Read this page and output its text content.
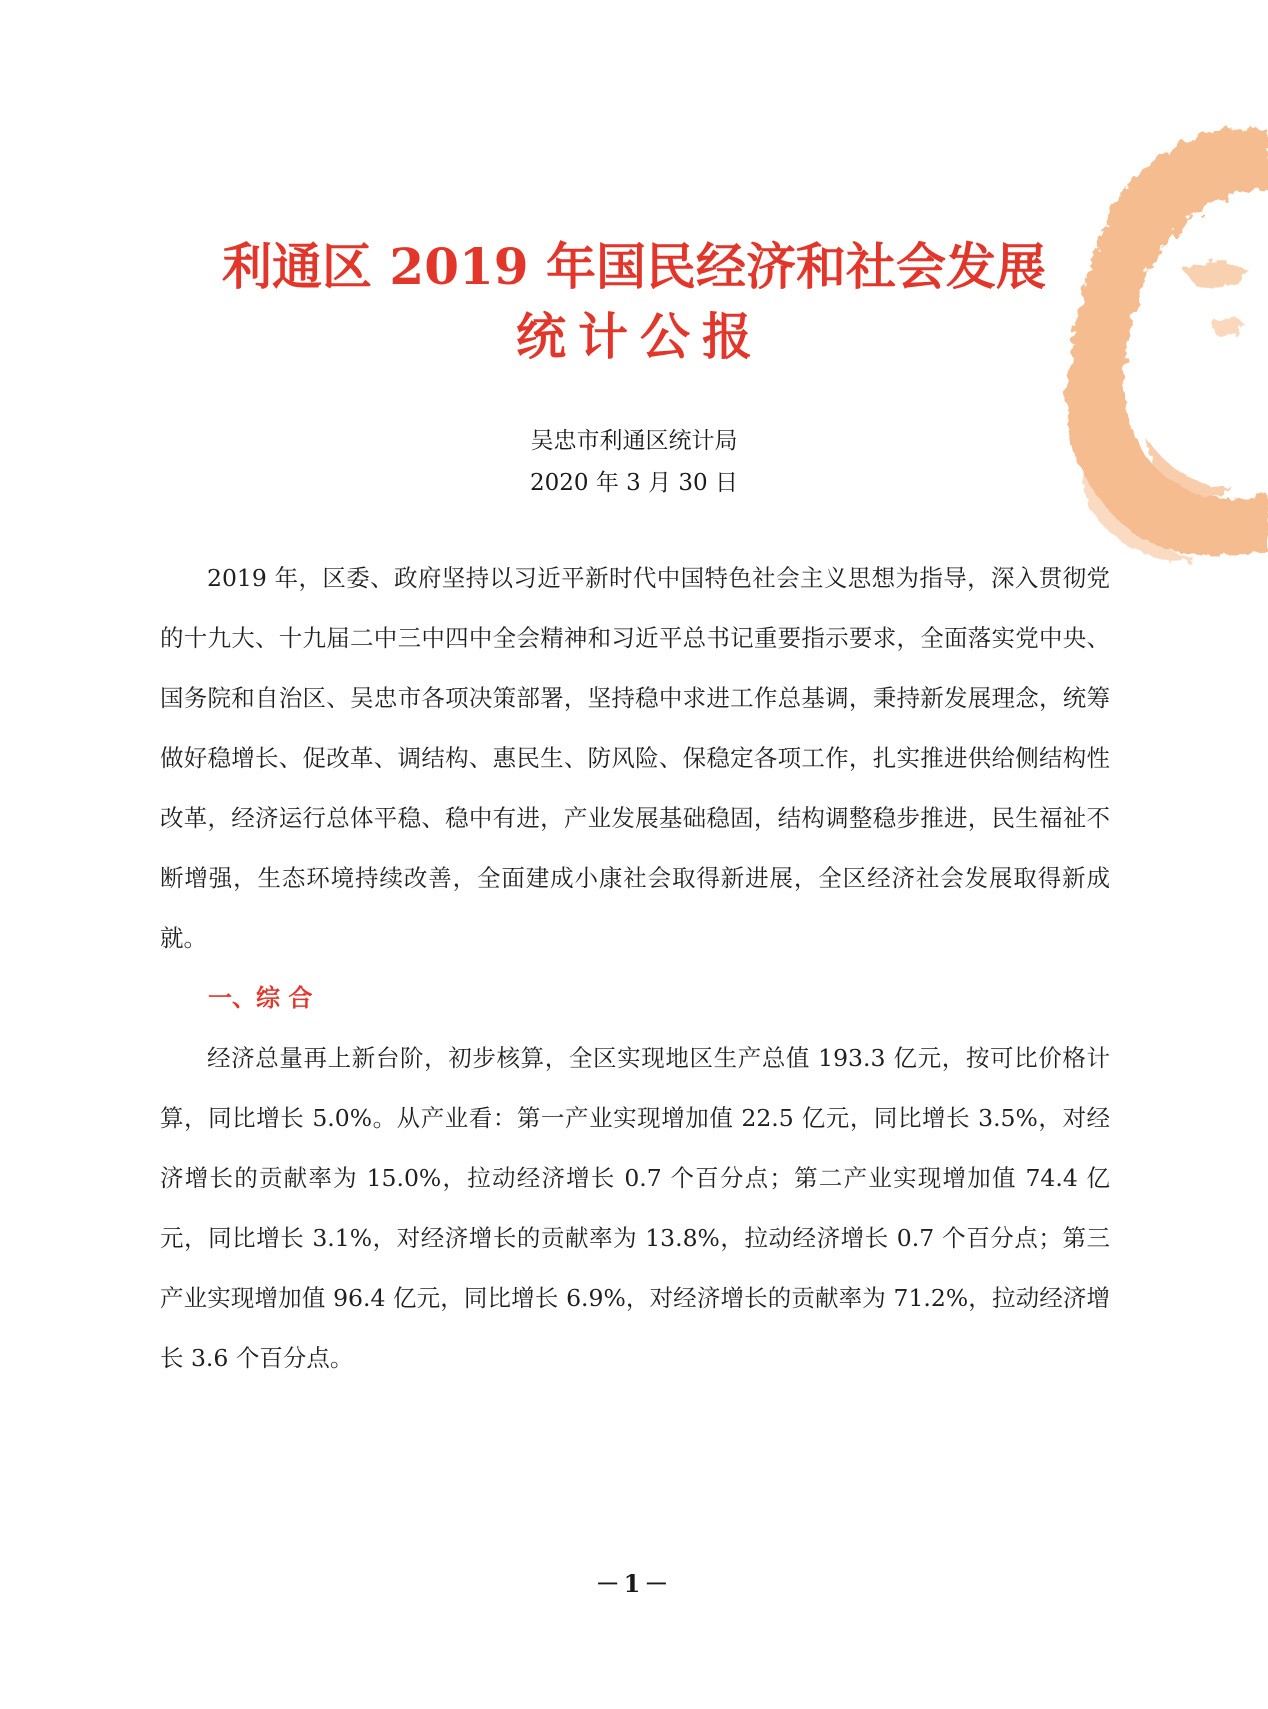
利通区 2019 年国民经济和社会发展
统计公报
吴忠市利通区统计局
2020 年 3 月 30 日

2019 年，区委、政府坚持以习近平新时代中国特色社会主义思想为指导，深入贯彻党的十九大、十九届二中三中四中全会精神和习近平总书记重要指示要求，全面落实党中央、国务院和自治区、吴忠市各项决策部署，坚持稳中求进工作总基调，秉持新发展理念，统筹做好稳增长、促改革、调结构、惠民生、防风险、保稳定各项工作，扎实推进供给侧结构性改革，经济运行总体平稳、稳中有进，产业发展基础稳固，结构调整稳步推进，民生福祉不断增强，生态环境持续改善，全面建成小康社会取得新进展，全区经济社会发展取得新成就。

一、综 合

经济总量再上新台阶，初步核算，全区实现地区生产总值 193.3 亿元，按可比价格计算，同比增长 5.0%。从产业看：第一产业实现增加值 22.5 亿元，同比增长 3.5%，对经济增长的贡献率为 15.0%，拉动经济增长 0.7 个百分点；第二产业实现增加值 74.4 亿元，同比增长 3.1%，对经济增长的贡献率为 13.8%，拉动经济增长 0.7 个百分点；第三产业实现增加值 96.4 亿元，同比增长 6.9%，对经济增长的贡献率为 71.2%，拉动经济增长 3.6 个百分点。

－1－
